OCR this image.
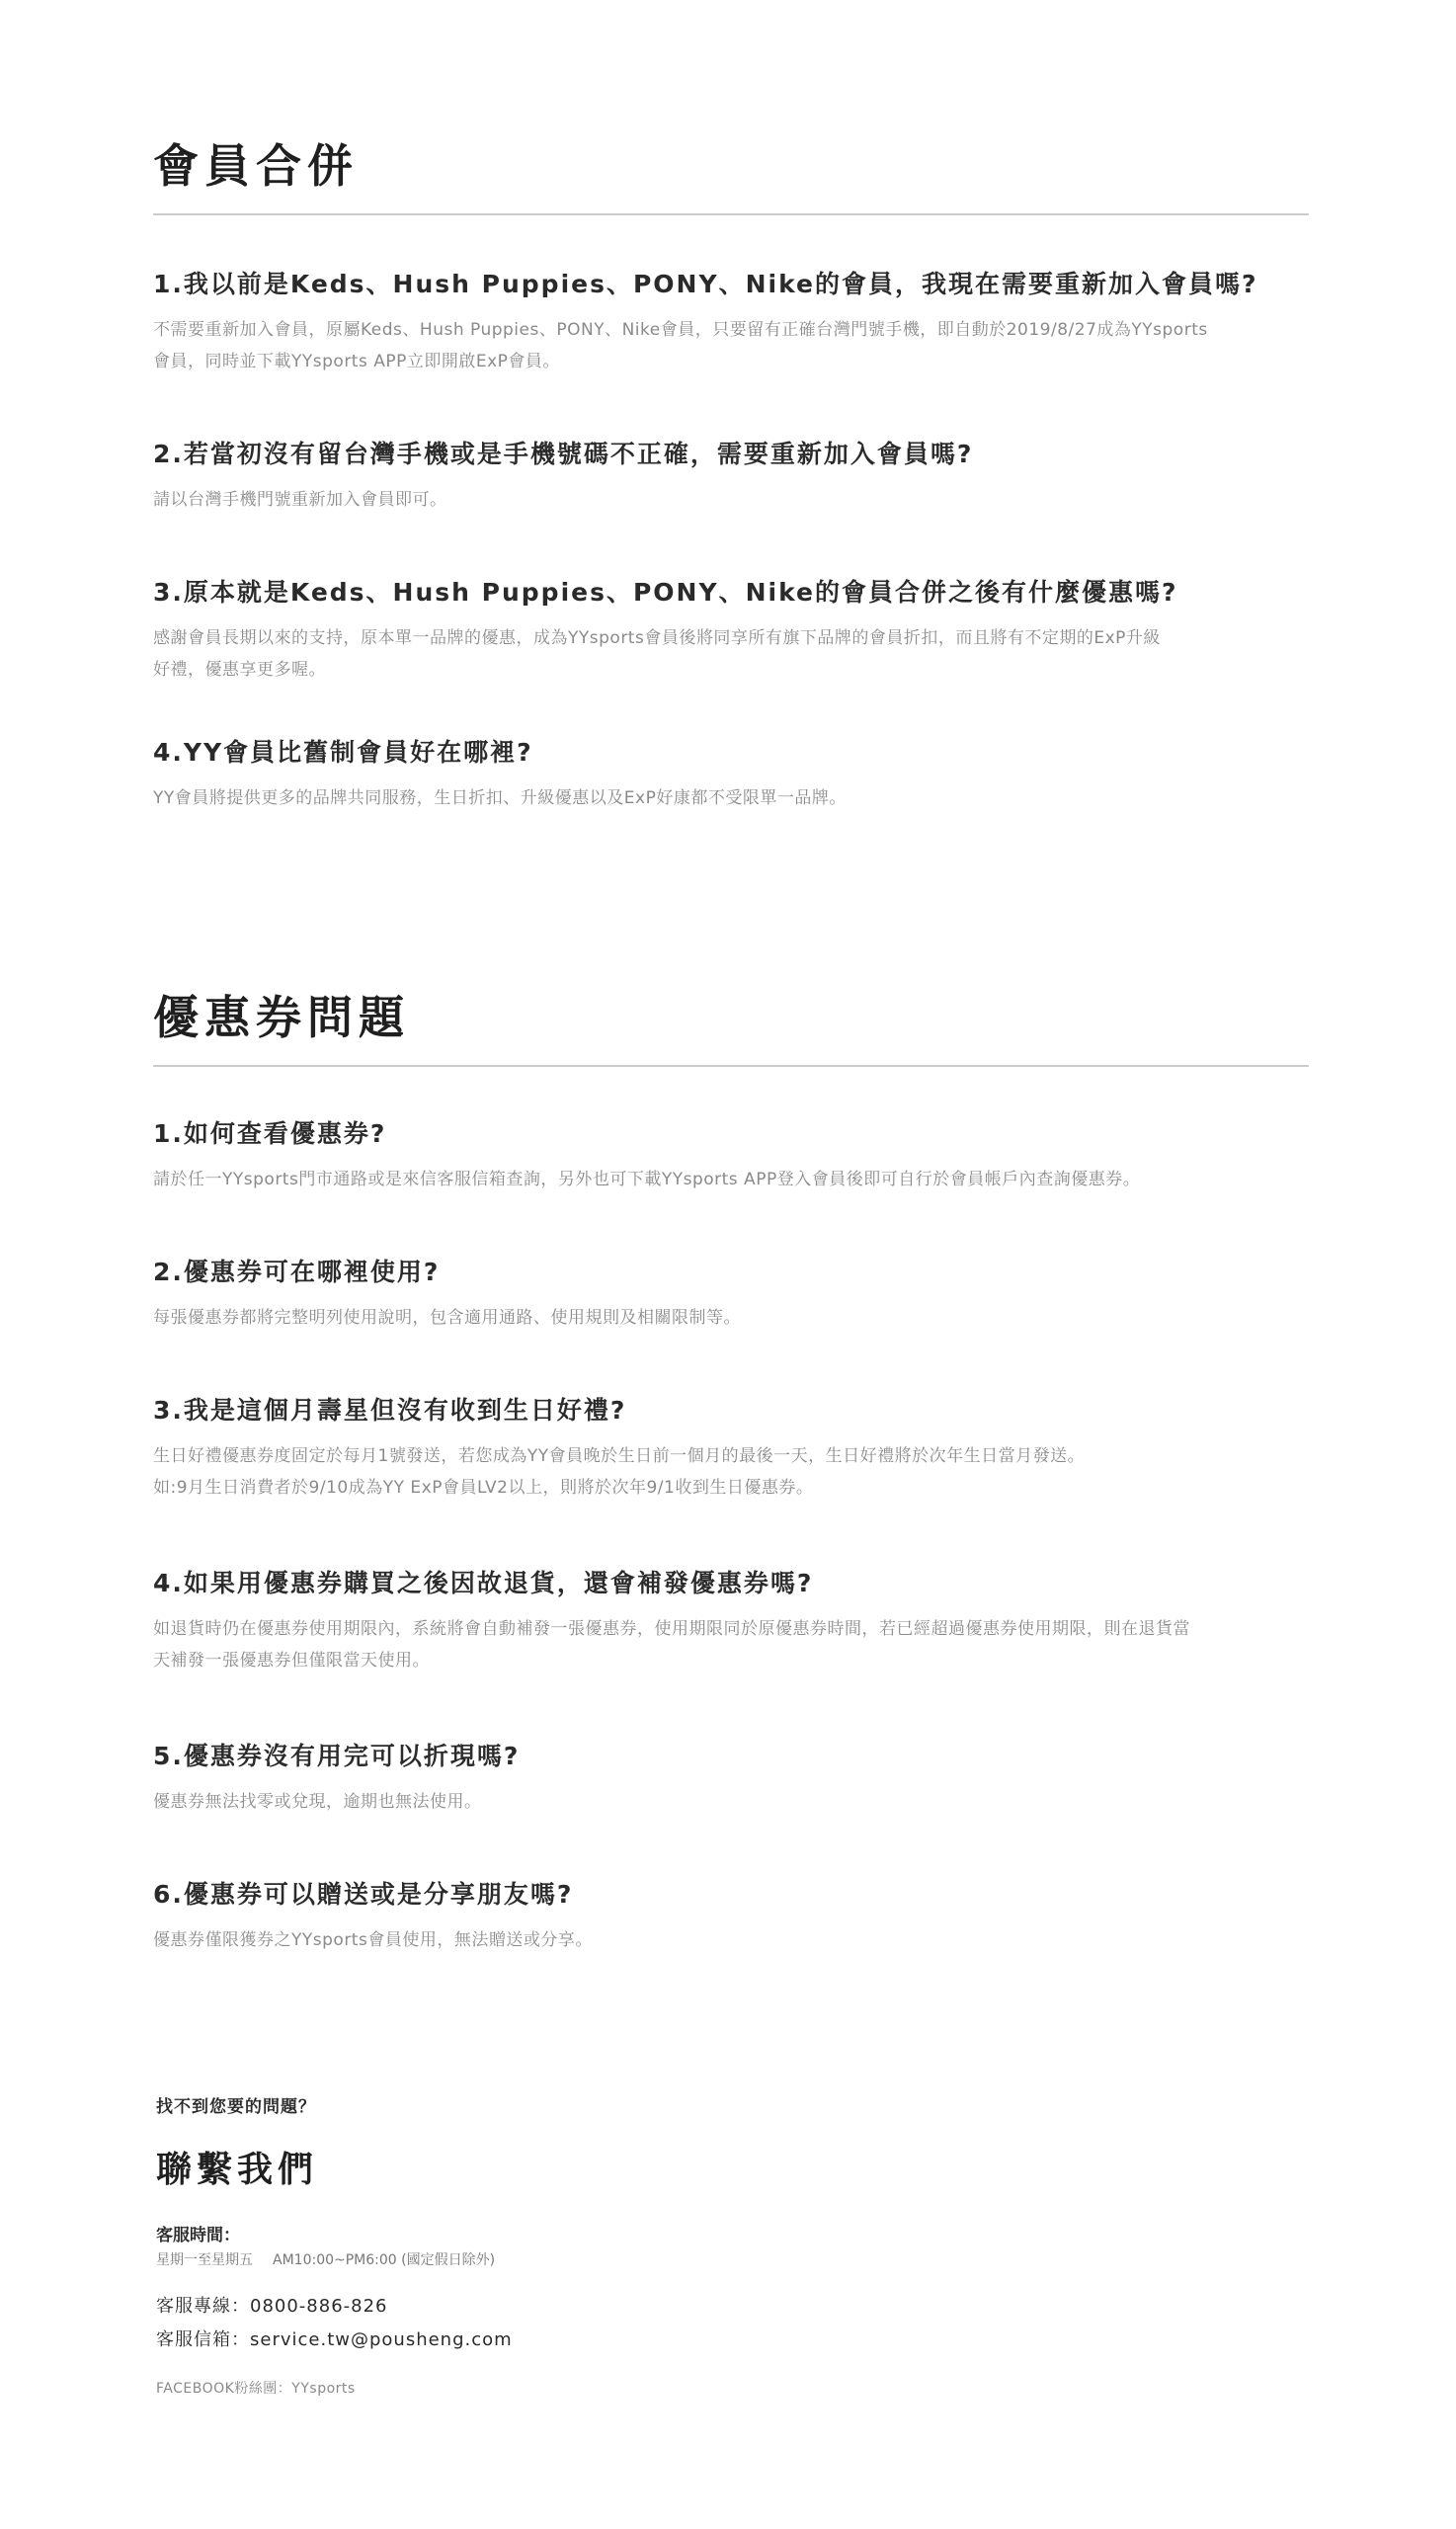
會員合併

1.我以前是Keds、Hush Puppies、PONY、Nike的會員，我現在需要重新加入會員嗎?

不需要重新加入會員，原屬Keds、Hush Puppies、PONY、Nike會員，只要留有正確台灣門號手機，即自動於2019/8/27成為YYsports
會員，同時並下載YYsports APP立即開啟ExP會員。

2.若當初沒有留台灣手機或是手機號碼不正確，需要重新加入會員嗎?

請以台灣手機門號重新加入會員即可。

3.原本就是Keds、Hush Puppies、PONY、Nike的會員合併之後有什麼優惠嗎?

感謝會員長期以來的支持，原本單一品牌的優惠，成為YYsports會員後將同享所有旗下品牌的會員折扣，而且將有不定期的ExP升級
好禮，優惠享更多喔。

4.YY會員比舊制會員好在哪裡?

YY會員將提供更多的品牌共同服務，生日折扣、升級優惠以及ExP好康都不受限單一品牌。

優惠券問題

1.如何查看優惠券?

請於任一YYsports門市通路或是來信客服信箱查詢，另外也可下載YYsports APP登入會員後即可自行於會員帳戶內查詢優惠券。

2.優惠券可在哪裡使用?

每張優惠券都將完整明列使用說明，包含適用通路、使用規則及相關限制等。

3.我是這個月壽星但沒有收到生日好禮?

生日好禮優惠券度固定於每月1號發送，若您成為YY會員晚於生日前一個月的最後一天，生日好禮將於次年生日當月發送。
如:9月生日消費者於9/10成為YY ExP會員LV2以上，則將於次年9/1收到生日優惠券。

4.如果用優惠券購買之後因故退貨，還會補發優惠券嗎?

如退貨時仍在優惠券使用期限內，系統將會自動補發一張優惠券，使用期限同於原優惠券時間，若已經超過優惠券使用期限，則在退貨當
天補發一張優惠券但僅限當天使用。

5.優惠券沒有用完可以折現嗎?

優惠券無法找零或兌現，逾期也無法使用。

6.優惠券可以贈送或是分享朋友嗎?

優惠券僅限獲券之YYsports會員使用，無法贈送或分享。

找不到您要的問題？
聯繫我們
客服時間：
星期一至星期五 AM10:00~PM6:00 (國定假日除外)
客服專線：0800-886-826
客服信箱：service.tw@pousheng.com
FACEBOOK粉絲團：YYsports
